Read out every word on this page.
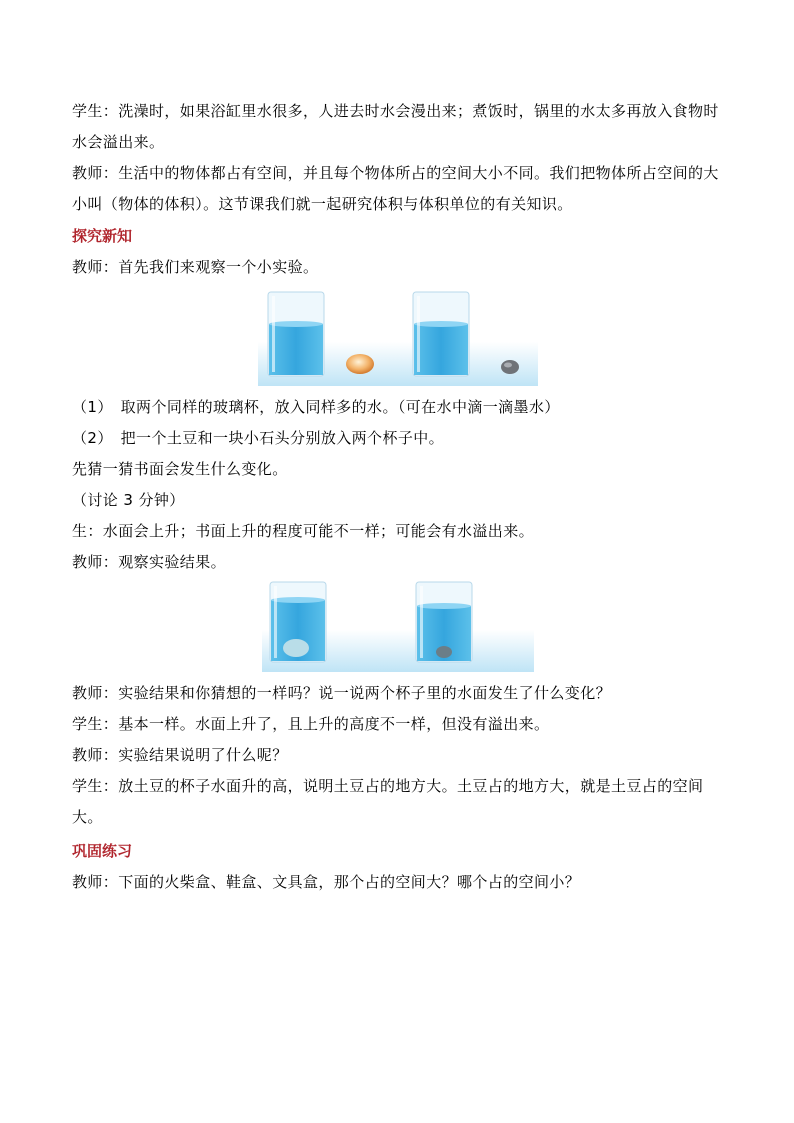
学生：洗澡时，如果浴缸里水很多，人进去时水会漫出来；煮饭时，锅里的水太多再放入食物时水会溢出来。

教师：生活中的物体都占有空间，并且每个物体所占的空间大小不同。我们把物体所占空间的大小叫（物体的体积）。这节课我们就一起研究体积与体积单位的有关知识。

探究新知

教师：首先我们来观察一个小实验。

（1）　取两个同样的玻璃杯，放入同样多的水。（可在水中滴一滴墨水）

（2）　把一个土豆和一块小石头分别放入两个杯子中。

先猜一猜书面会发生什么变化。

（讨论 3 分钟）

生：水面会上升；书面上升的程度可能不一样；可能会有水溢出来。

教师：观察实验结果。

教师：实验结果和你猜想的一样吗？说一说两个杯子里的水面发生了什么变化？

学生：基本一样。水面上升了，且上升的高度不一样，但没有溢出来。

教师：实验结果说明了什么呢？

学生：放土豆的杯子水面升的高，说明土豆占的地方大。土豆占的地方大，就是土豆占的空间大。

巩固练习

教师：下面的火柴盒、鞋盒、文具盒，那个占的空间大？哪个占的空间小？
